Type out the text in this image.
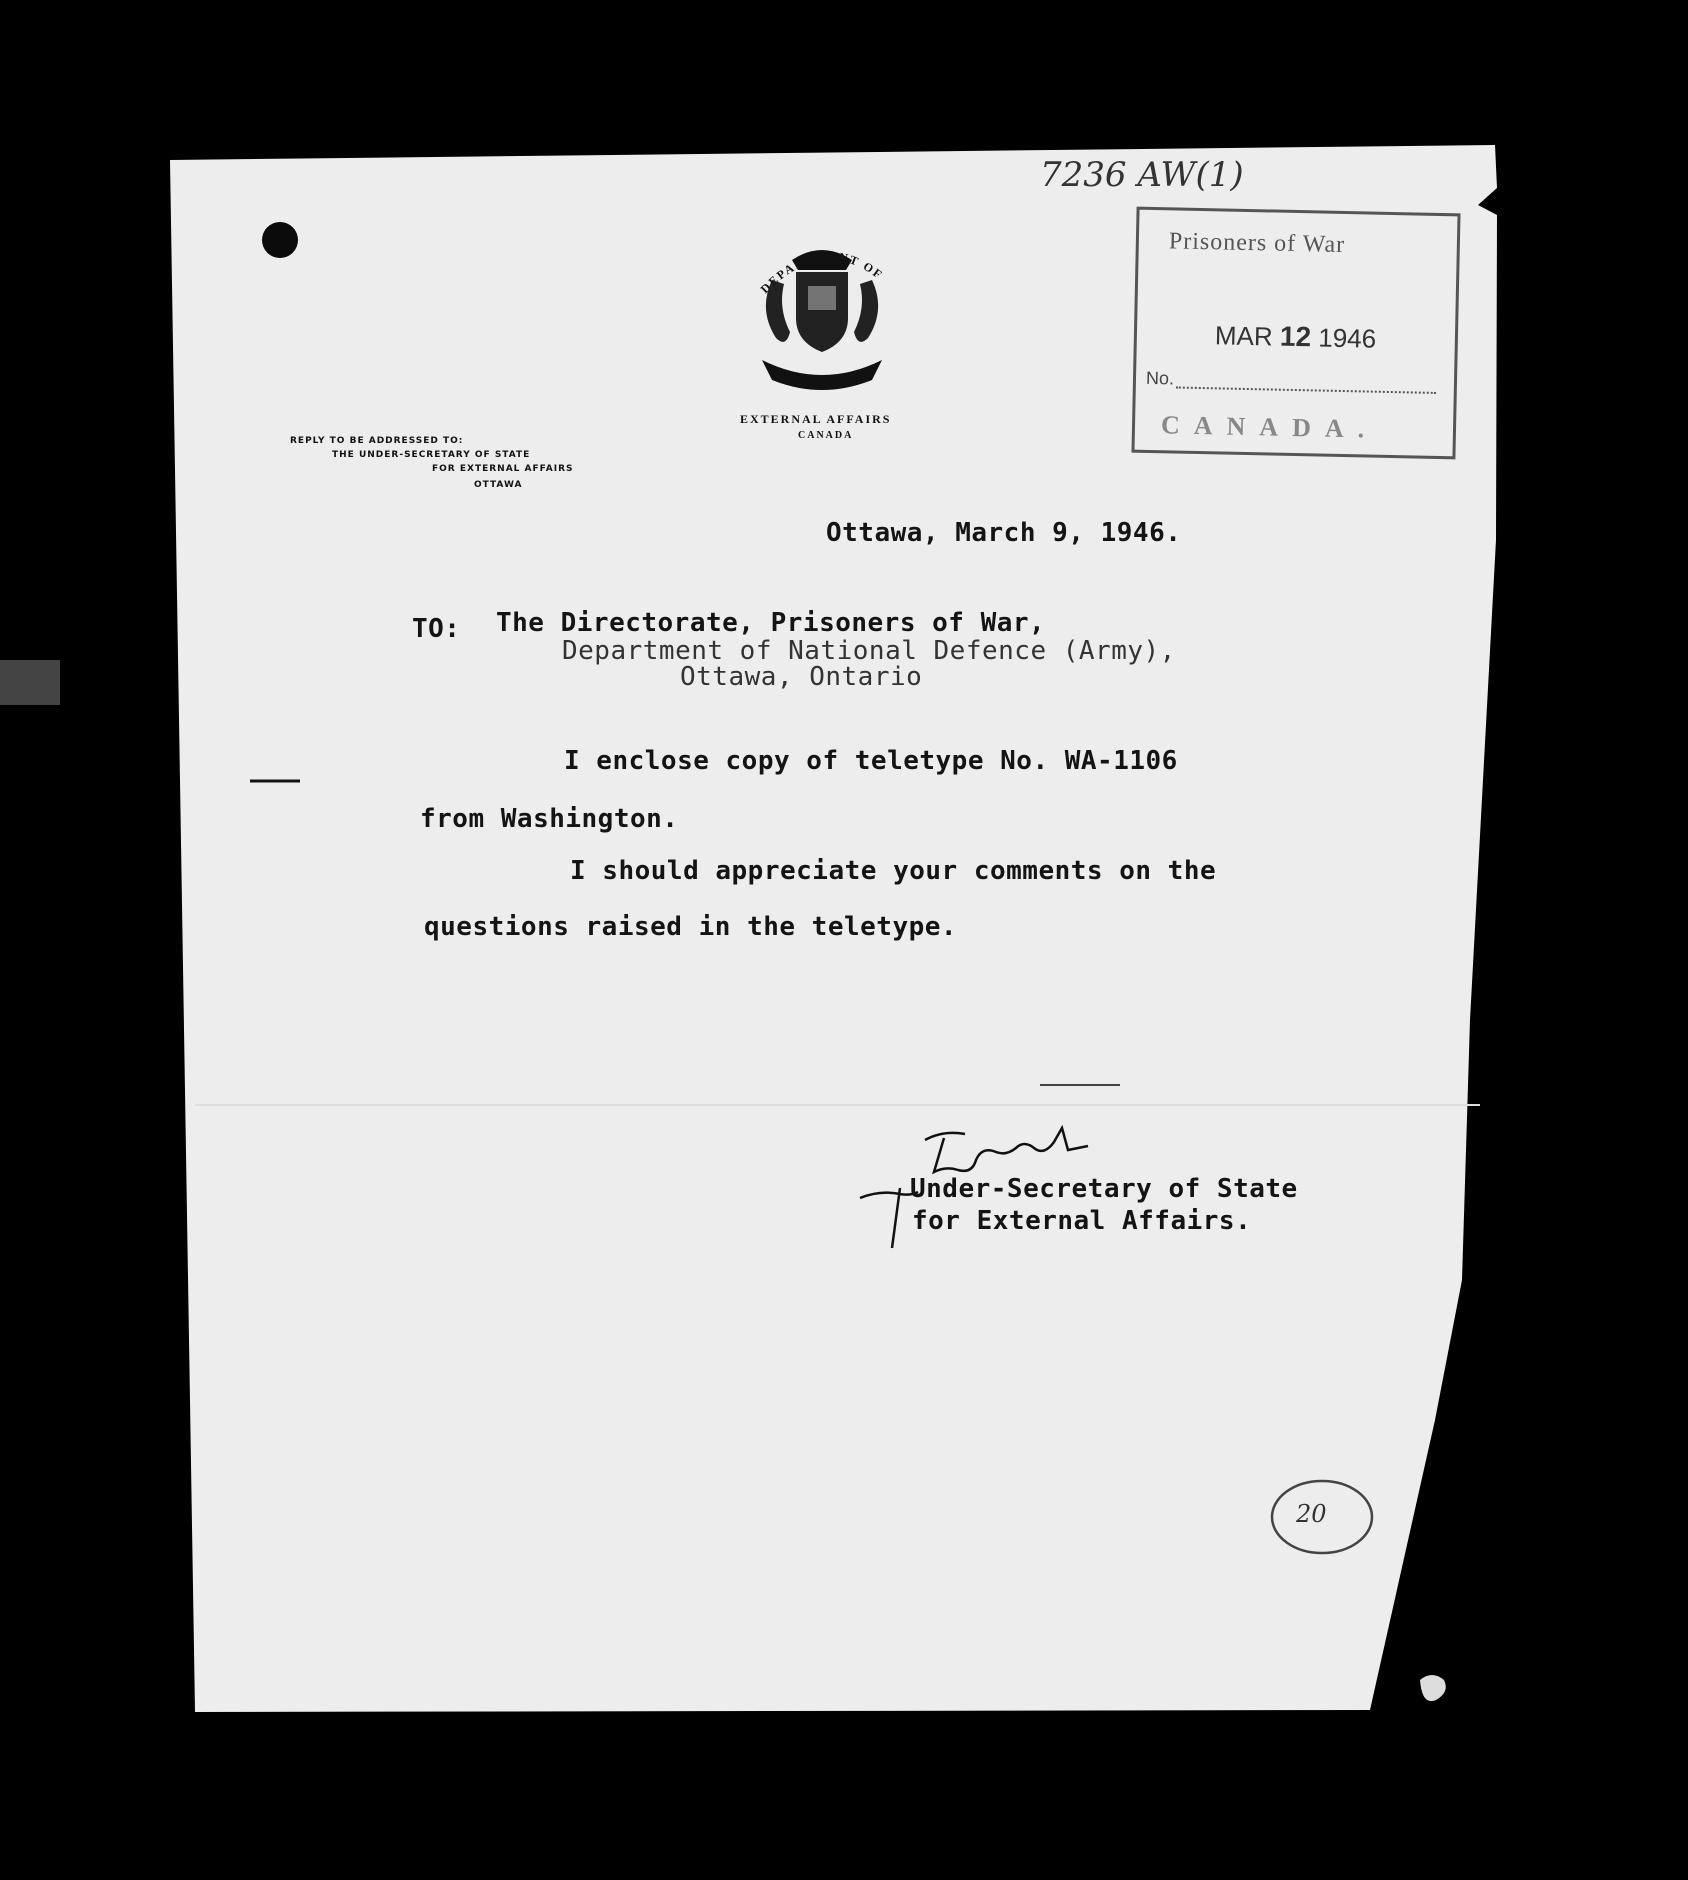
7236 AW(1)
Prisoners of War
MAR 12 1946
No.
CANADA.
DEPARTMENT OF
EXTERNAL AFFAIRS
CANADA
REPLY TO BE ADDRESSED TO:
THE UNDER-SECRETARY OF STATE
FOR EXTERNAL AFFAIRS
OTTAWA
Ottawa, March 9, 1946.
TO: The Directorate, Prisoners of War,
Department of National Defence (Army),
Ottawa, Ontario
I enclose copy of teletype No. WA-1106
from Washington.
I should appreciate your comments on the
questions raised in the teletype.
Under-Secretary of State
for External Affairs.
20
